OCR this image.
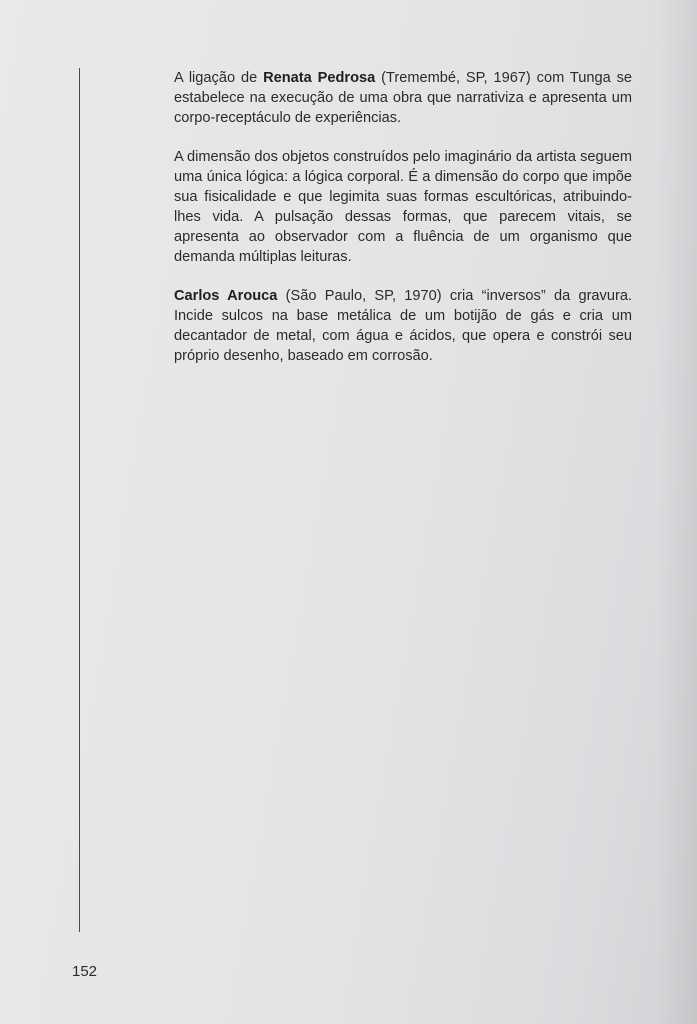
A ligação de Renata Pedrosa (Tremembé, SP, 1967) com Tunga se estabelece na execução de uma obra que narrativiza e apresenta um corpo-receptáculo de experiências.

A dimensão dos objetos construídos pelo imaginário da artista seguem uma única lógica: a lógica corporal. É a dimensão do corpo que impõe sua fisicalidade e que legimita suas formas escultóricas, atribuindo-lhes vida. A pulsação dessas formas, que parecem vitais, se apresenta ao observador com a fluência de um organismo que demanda múltiplas leituras.

Carlos Arouca (São Paulo, SP, 1970) cria “inversos” da gravura. Incide sulcos na base metálica de um botijão de gás e cria um decantador de metal, com água e ácidos, que opera e constrói seu próprio desenho, baseado em corrosão.

152
